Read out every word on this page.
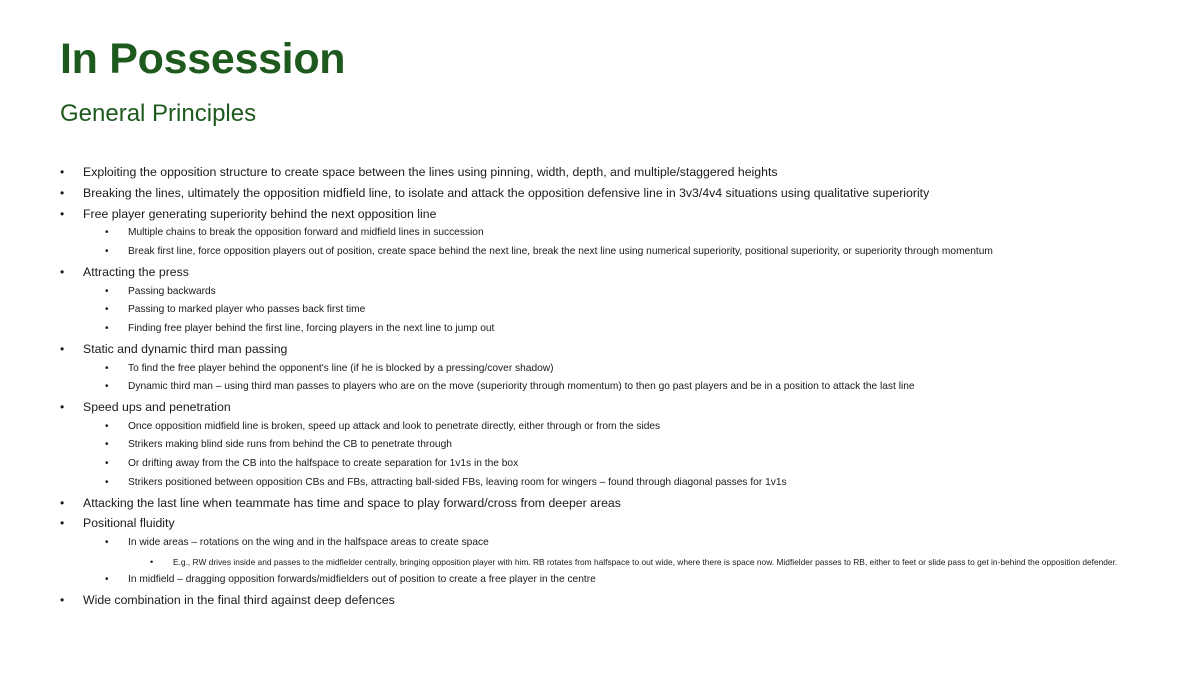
In Possession
General Principles
• Exploiting the opposition structure to create space between the lines using pinning, width, depth, and multiple/staggered heights
• Breaking the lines, ultimately the opposition midfield line, to isolate and attack the opposition defensive line in 3v3/4v4 situations using qualitative superiority
• Free player generating superiority behind the next opposition line
• Multiple chains to break the opposition forward and midfield lines in succession
• Break first line, force opposition players out of position, create space behind the next line, break the next line using numerical superiority, positional superiority, or superiority through momentum
• Attracting the press
• Passing backwards
• Passing to marked player who passes back first time
• Finding free player behind the first line, forcing players in the next line to jump out
• Static and dynamic third man passing
• To find the free player behind the opponent's line (if he is blocked by a pressing/cover shadow)
• Dynamic third man – using third man passes to players who are on the move (superiority through momentum) to then go past players and be in a position to attack the last line
• Speed ups and penetration
• Once opposition midfield line is broken, speed up attack and look to penetrate directly, either through or from the sides
• Strikers making blind side runs from behind the CB to penetrate through
• Or drifting away from the CB into the halfspace to create separation for 1v1s in the box
• Strikers positioned between opposition CBs and FBs, attracting ball-sided FBs, leaving room for wingers – found through diagonal passes for 1v1s
• Attacking the last line when teammate has time and space to play forward/cross from deeper areas
• Positional fluidity
• In wide areas – rotations on the wing and in the halfspace areas to create space
• E.g., RW drives inside and passes to the midfielder centrally, bringing opposition player with him. RB rotates from halfspace to out wide, where there is space now. Midfielder passes to RB, either to feet or slide pass to get in-behind the opposition defender.
• In midfield – dragging opposition forwards/midfielders out of position to create a free player in the centre
• Wide combination in the final third against deep defences
